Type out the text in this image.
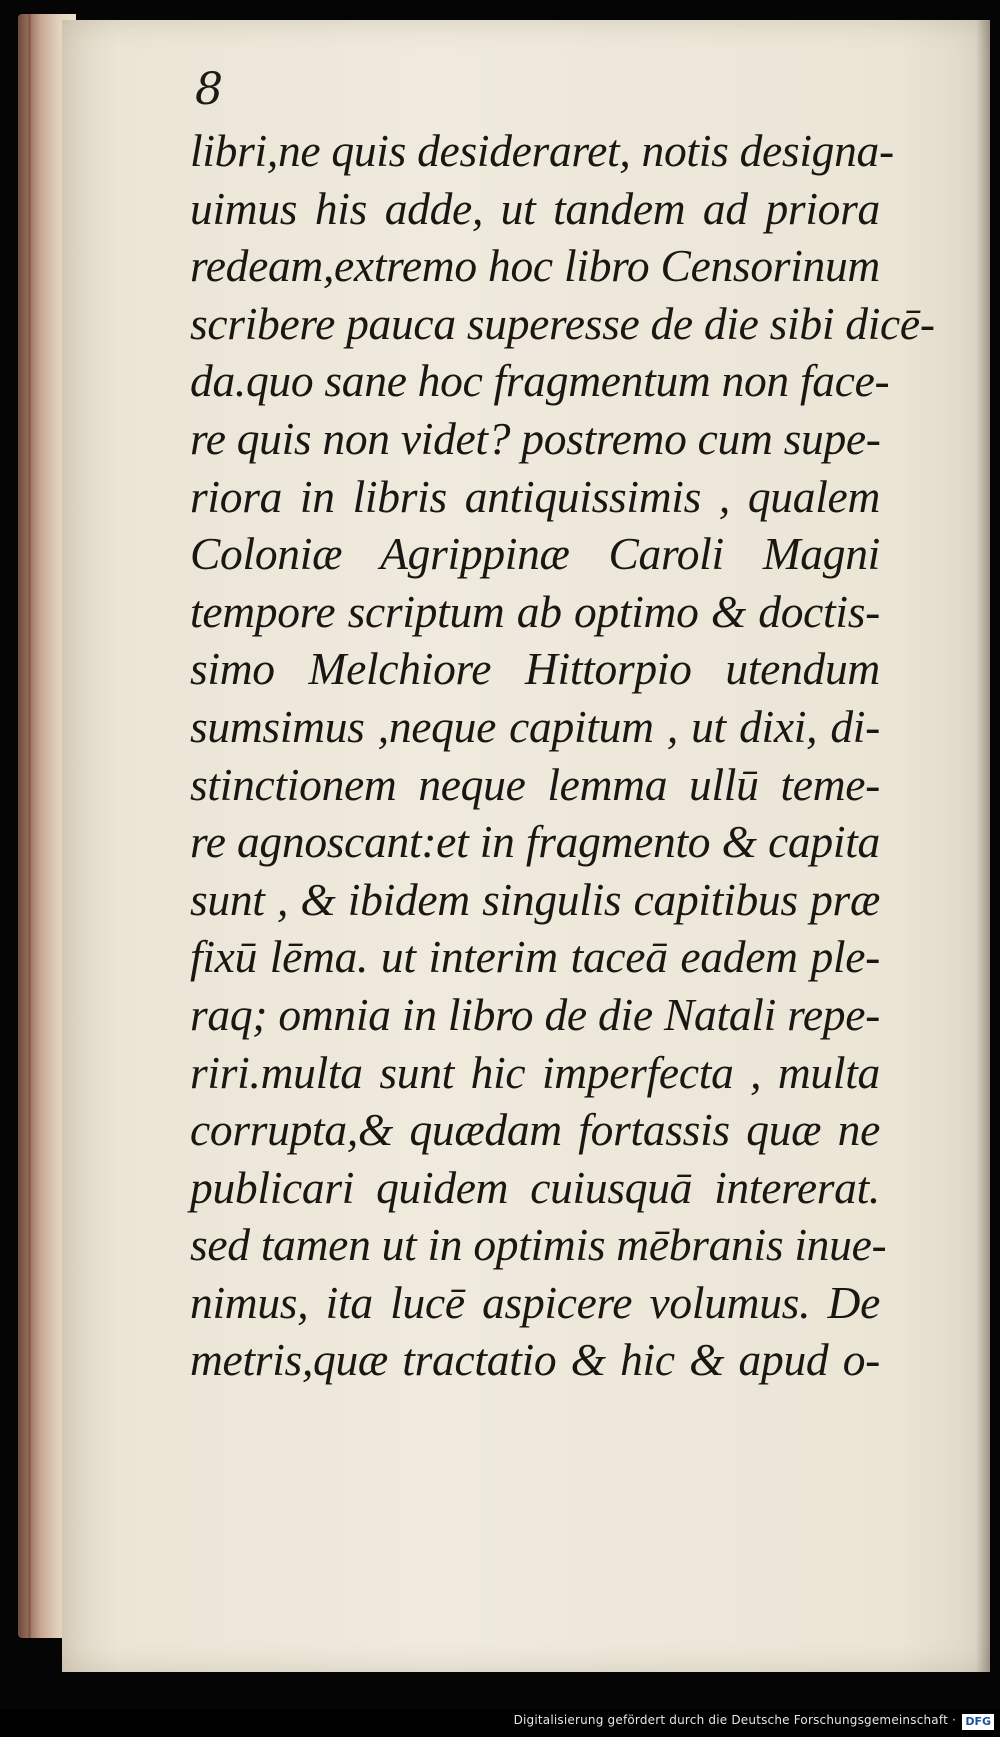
8
libri,ne quis desideraret, notis designa-
uimus his adde, ut tandem ad priora
redeam,extremo hoc libro Censorinum
scribere pauca superesse de die sibi dicē-
da.quo sane hoc fragmentum non face-
re quis non videt? postremo cum supe-
riora in libris antiquissimis , qualem
Coloniæ Agrippinæ Caroli Magni
tempore scriptum ab optimo & doctis-
simo Melchiore Hittorpio utendum
sumsimus ,neque capitum , ut dixi, di-
stinctionem neque lemma ullū teme-
re agnoscant:et in fragmento & capita
sunt , & ibidem singulis capitibus præ
fixū lēma. ut interim taceā eadem ple-
raq; omnia in libro de die Natali repe-
riri.multa sunt hic imperfecta , multa
corrupta,& quædam fortassis quæ ne
publicari quidem cuiusquā intererat.
sed tamen ut in optimis mēbranis inue-
nimus, ita lucē aspicere volumus. De
metris,quæ tractatio & hic & apud o-
Digitalisierung gefördert durch die Deutsche Forschungsgemeinschaft · DFG
